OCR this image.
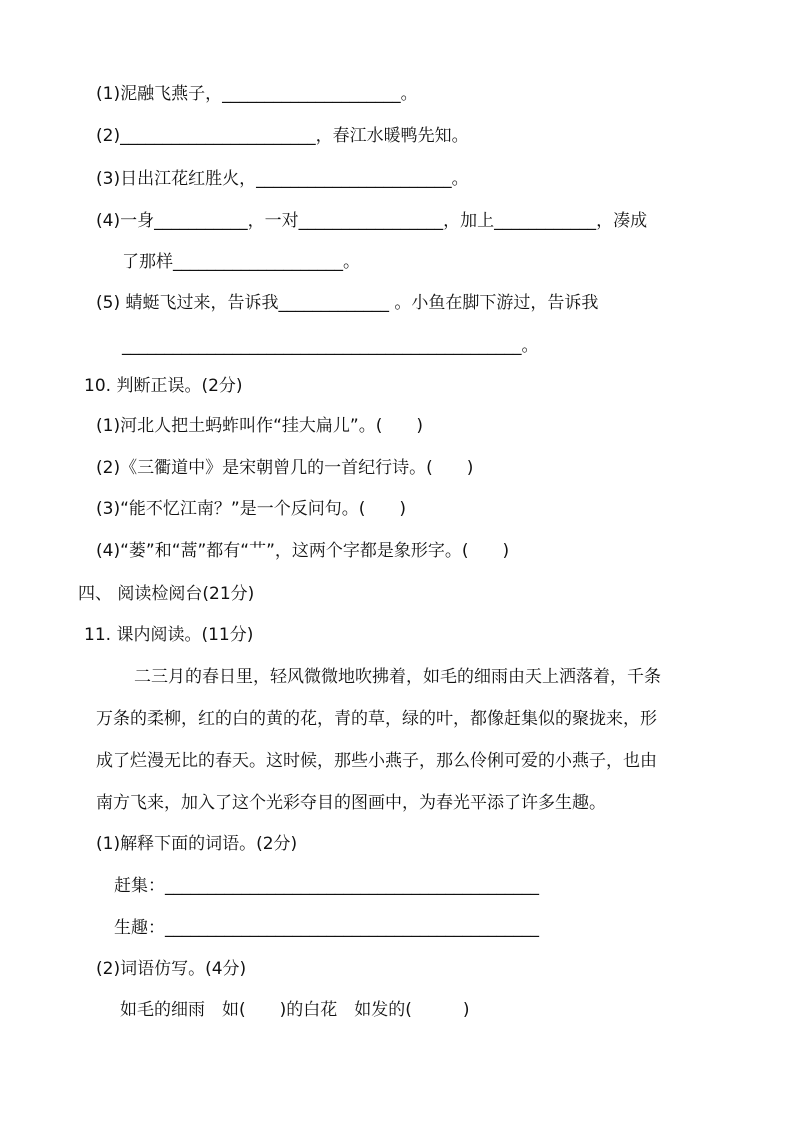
(1)泥融飞燕子，_____________________。
(2)_______________________，春江水暖鸭先知。
(3)日出江花红胜火，_______________________。
(4)一身___________，一对_________________，加上____________，凑成
了那样____________________。
(5) 蜻蜓飞过来，告诉我_____________ 。小鱼在脚下游过，告诉我
_______________________________________________。
10. 判断正误。(2分)
(1)河北人把土蚂蚱叫作“挂大扁儿”。(　　)
(2)《三衢道中》是宋朝曾几的一首纪行诗。(　　)
(3)“能不忆江南？”是一个反问句。(　　)
(4)“蒌”和“蒿”都有“艹”，这两个字都是象形字。(　　)
四、 阅读检阅台(21分)
11. 课内阅读。(11分)
二三月的春日里，轻风微微地吹拂着，如毛的细雨由天上洒落着，千条
万条的柔柳，红的白的黄的花，青的草，绿的叶，都像赶集似的聚拢来，形
成了烂漫无比的春天。这时候，那些小燕子，那么伶俐可爱的小燕子，也由
南方飞来，加入了这个光彩夺目的图画中，为春光平添了许多生趣。
(1)解释下面的词语。(2分)
赶集：____________________________________________
生趣：____________________________________________
(2)词语仿写。(4分)
如毛的细雨　如(　　)的白花　如发的(　　　)
